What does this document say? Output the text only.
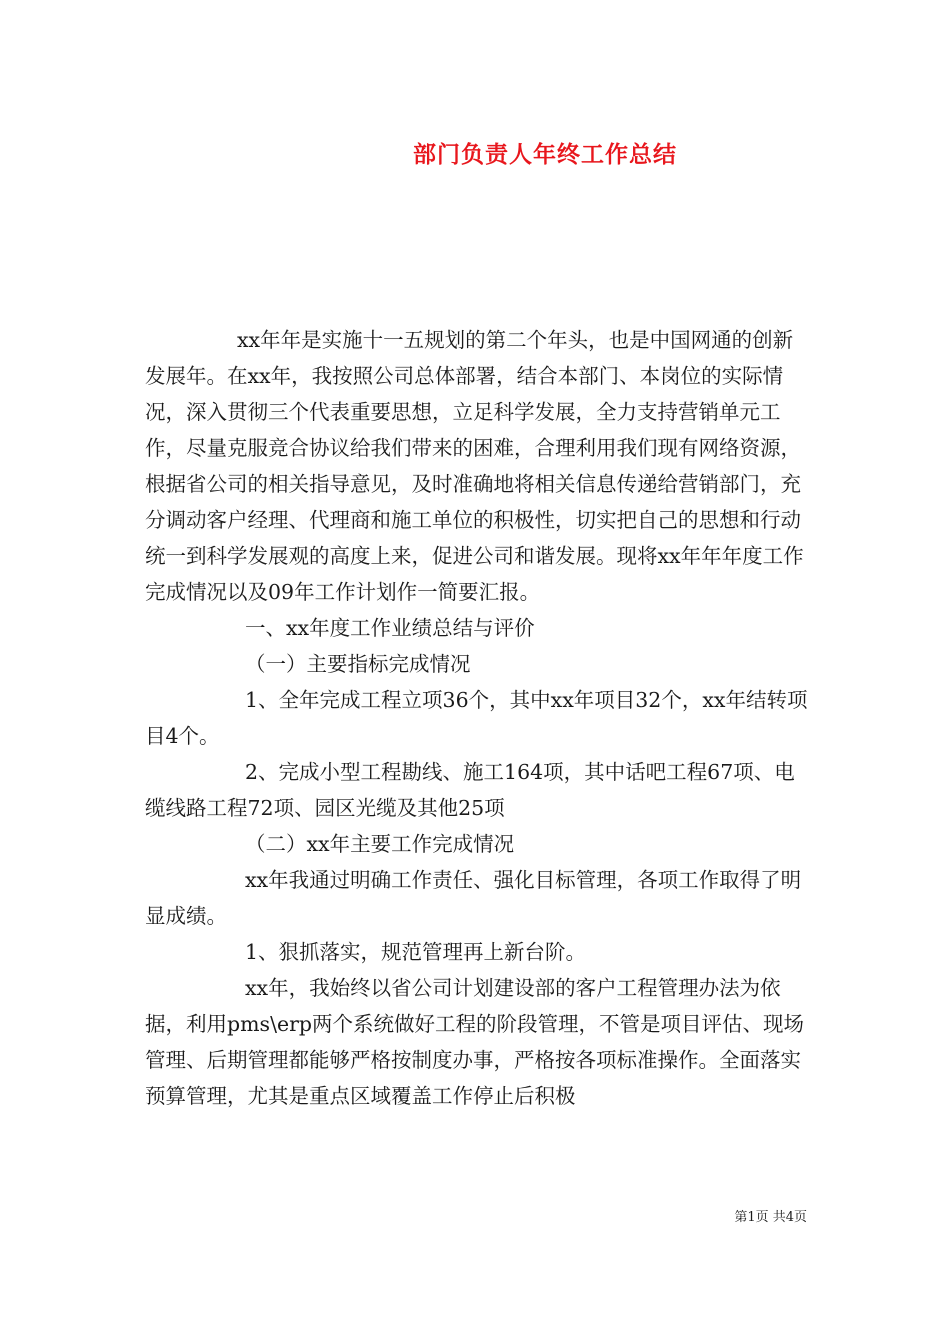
部门负责人年终工作总结

xx年年是实施十一五规划的第二个年头，也是中国网通的创新发展年。在xx年，我按照公司总体部署，结合本部门、本岗位的实际情况，深入贯彻三个代表重要思想，立足科学发展，全力支持营销单元工作，尽量克服竞合协议给我们带来的困难，合理利用我们现有网络资源，根据省公司的相关指导意见，及时准确地将相关信息传递给营销部门，充分调动客户经理、代理商和施工单位的积极性，切实把自己的思想和行动统一到科学发展观的高度上来，促进公司和谐发展。现将xx年年年度工作完成情况以及09年工作计划作一简要汇报。

一、xx年度工作业绩总结与评价

（一）主要指标完成情况

1、全年完成工程立项36个，其中xx年项目32个，xx年结转项目4个。

2、完成小型工程勘线、施工164项，其中话吧工程67项、电缆线路工程72项、园区光缆及其他25项

（二）xx年主要工作完成情况

xx年我通过明确工作责任、强化目标管理，各项工作取得了明显成绩。

1、狠抓落实，规范管理再上新台阶。

xx年，我始终以省公司计划建设部的客户工程管理办法为依据，利用pms\erp两个系统做好工程的阶段管理，不管是项目评估、现场管理、后期管理都能够严格按制度办事，严格按各项标准操作。全面落实预算管理，尤其是重点区域覆盖工作停止后积极

第1页 共4页
